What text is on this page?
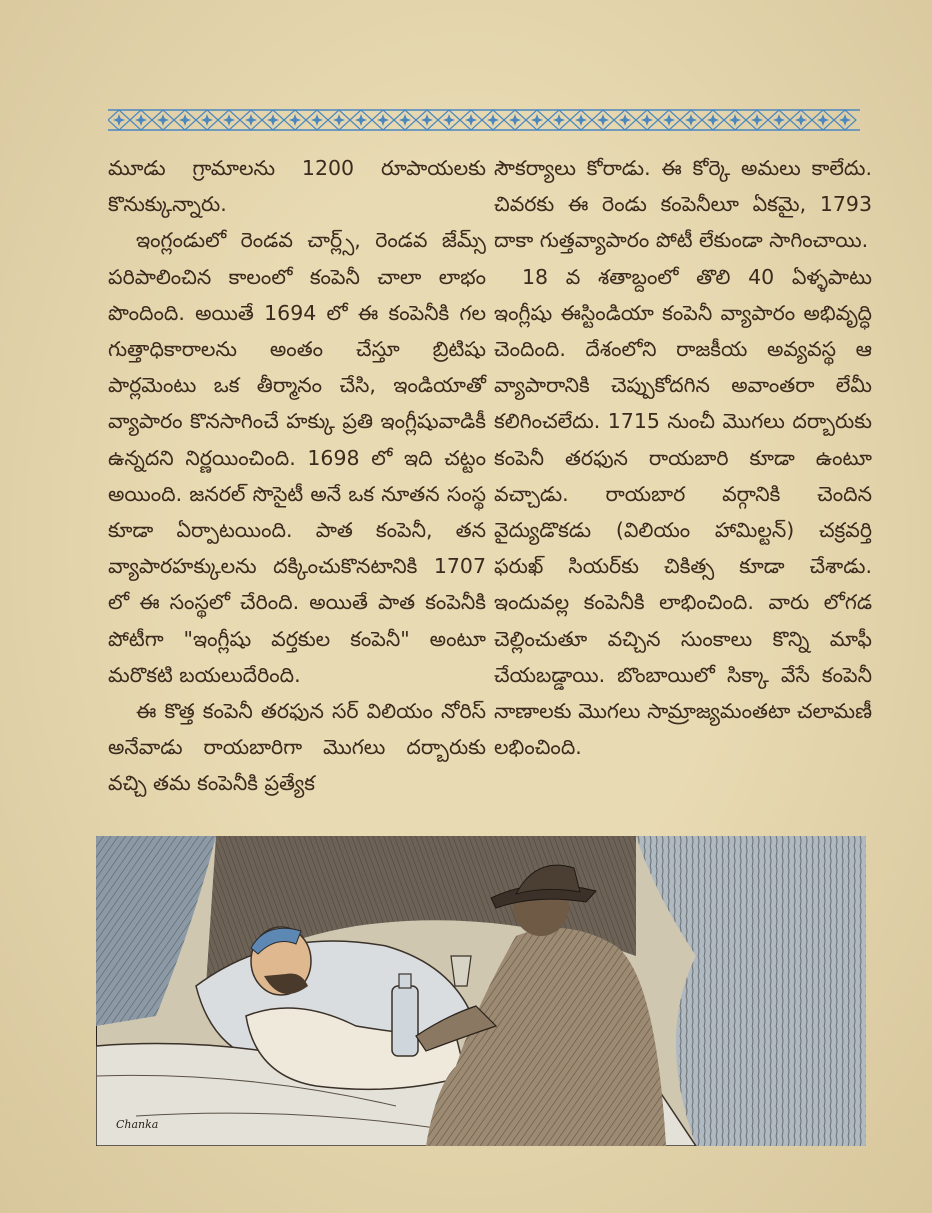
మూడు గ్రామాలను 1200 రూపాయలకు కొనుక్కున్నారు.

ఇంగ్లండులో రెండవ చార్ల్స్, రెండవ జేమ్స్ పరిపాలించిన కాలంలో కంపెనీ చాలా లాభం పొందింది. అయితే 1694 లో ఈ కంపెనీకి గల గుత్తాధికారాలను అంతం చేస్తూ బ్రిటిషు పార్లమెంటు ఒక తీర్మానం చేసి, ఇండియాతో వ్యాపారం కొనసాగించే హక్కు ప్రతి ఇంగ్లీషువాడికీ ఉన్నదని నిర్ణయించింది. 1698 లో ఇది చట్టం అయింది. జనరల్ సొసైటీ అనే ఒక నూతన సంస్థ కూడా ఏర్పాటయింది. పాత కంపెనీ, తన వ్యాపారహక్కులను దక్కించుకొనటానికి 1707 లో ఈ సంస్థలో చేరింది. అయితే పాత కంపెనీకి పోటీగా "ఇంగ్లీషు వర్తకుల కంపెనీ" అంటూ మరొకటి బయలుదేరింది.

ఈ కొత్త కంపెనీ తరఫున సర్ విలియం నోరిస్ అనేవాడు రాయబారిగా మొగలు దర్బారుకు వచ్చి తమ కంపెనీకి ప్రత్యేక

సౌకర్యాలు కోరాడు. ఈ కోర్కె అమలు కాలేదు. చివరకు ఈ రెండు కంపెనీలూ ఏకమై, 1793 దాకా గుత్తవ్యాపారం పోటీ లేకుండా సాగించాయి.

18 వ శతాబ్దంలో తొలి 40 ఏళ్ళపాటు ఇంగ్లీషు ఈస్టిండియా కంపెనీ వ్యాపారం అభివృద్ధి చెందింది. దేశంలోని రాజకీయ అవ్యవస్థ ఆ వ్యాపారానికి చెప్పుకోదగిన అవాంతరా లేమీ కలిగించలేదు. 1715 నుంచీ మొగలు దర్బారుకు కంపెనీ తరఫున రాయబారి కూడా ఉంటూ వచ్చాడు. రాయబార వర్గానికి చెందిన వైద్యుడొకడు (విలియం హామిల్టన్) చక్రవర్తి ఫరుఖ్ సియర్‌కు చికిత్స కూడా చేశాడు. ఇందువల్ల కంపెనీకి లాభించింది. వారు లోగడ చెల్లించుతూ వచ్చిన సుంకాలు కొన్ని మాఫీ చేయబడ్డాయి. బొంబాయిలో సిక్కా వేసే కంపెనీ నాణాలకు మొగలు సామ్రాజ్యమంతటా చలామణీ లభించింది.

Chanka
